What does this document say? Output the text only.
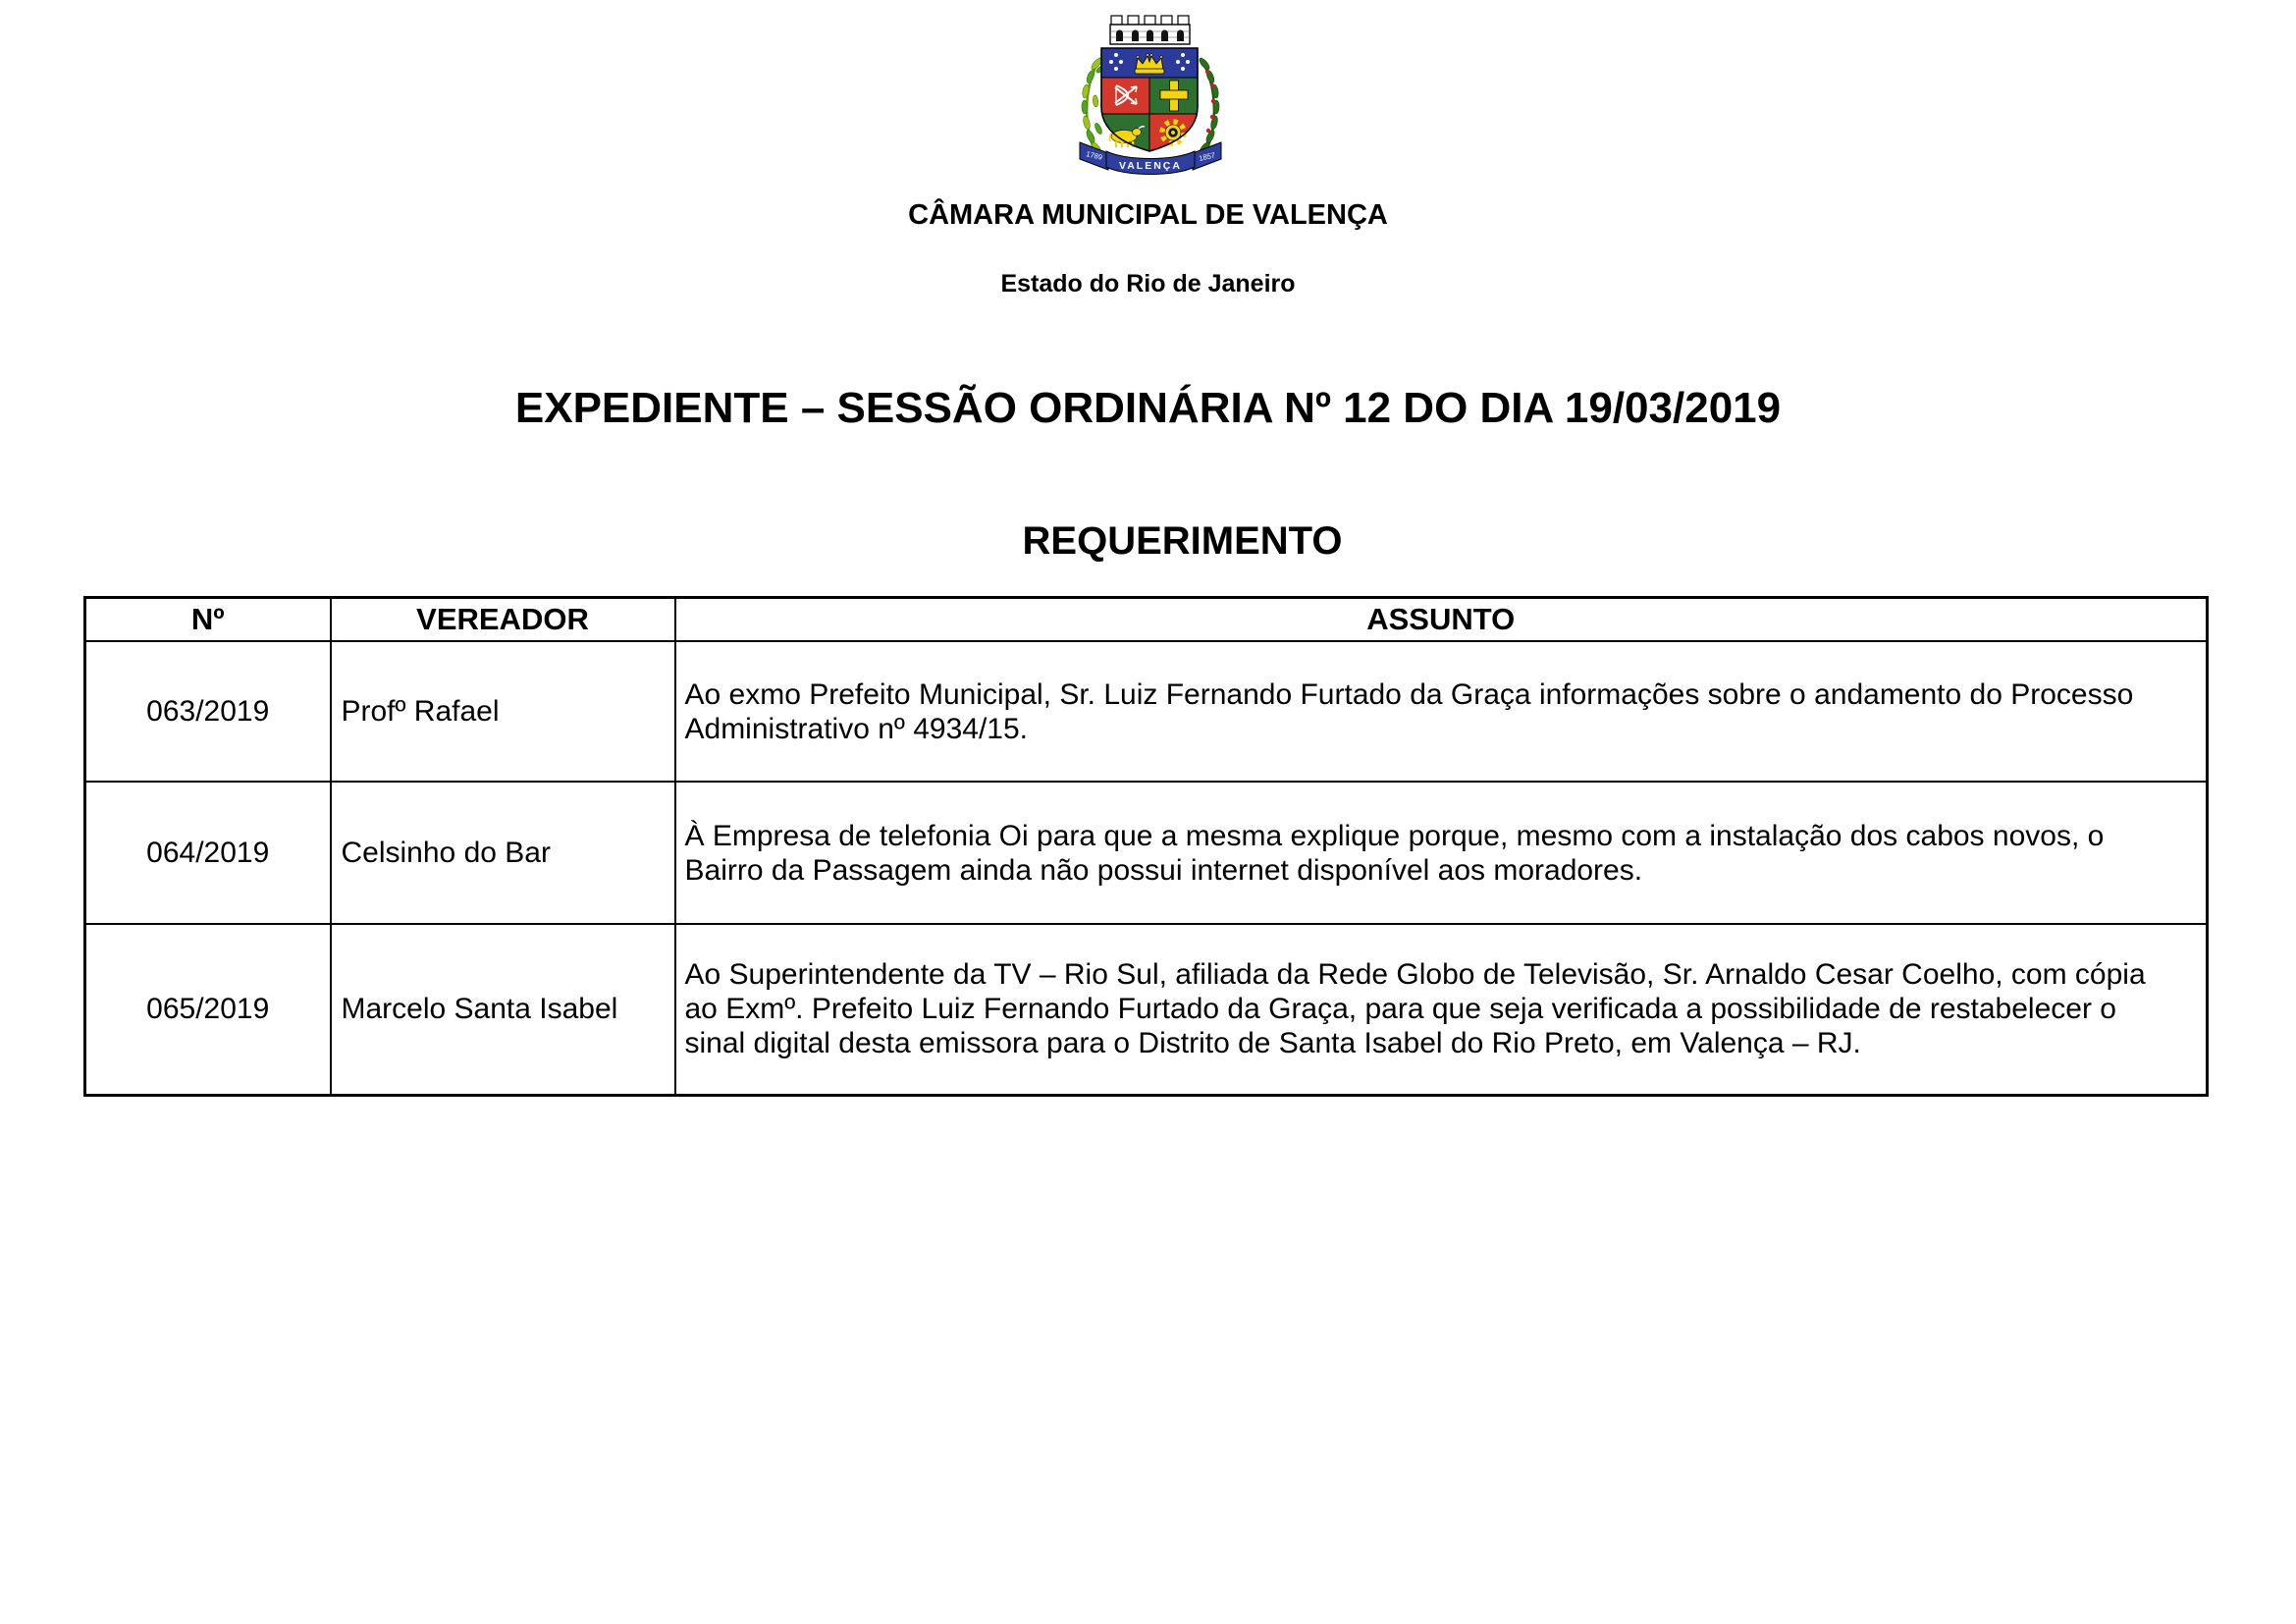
VALENÇA
1789	1857
CÂMARA MUNICIPAL DE VALENÇA
Estado do Rio de Janeiro
EXPEDIENTE – SESSÃO ORDINÁRIA Nº 12 DO DIA 19/03/2019
REQUERIMENTO
Nº	VEREADOR	ASSUNTO
063/2019	Profº Rafael	Ao exmo Prefeito Municipal, Sr. Luiz Fernando Furtado da Graça informações sobre o andamento do Processo
Administrativo nº 4934/15.

064/2019	Celsinho do Bar	À Empresa de telefonia Oi para que a mesma explique porque, mesmo com a instalação dos cabos novos, o
Bairro da Passagem ainda não possui internet disponível aos moradores.

065/2019	Marcelo Santa Isabel	Ao Superintendente da TV – Rio Sul, afiliada da Rede Globo de Televisão, Sr. Arnaldo Cesar Coelho, com cópia
ao Exmº. Prefeito Luiz Fernando Furtado da Graça, para que seja verificada a possibilidade de restabelecer o
sinal digital desta emissora para o Distrito de Santa Isabel do Rio Preto, em Valença – RJ.
